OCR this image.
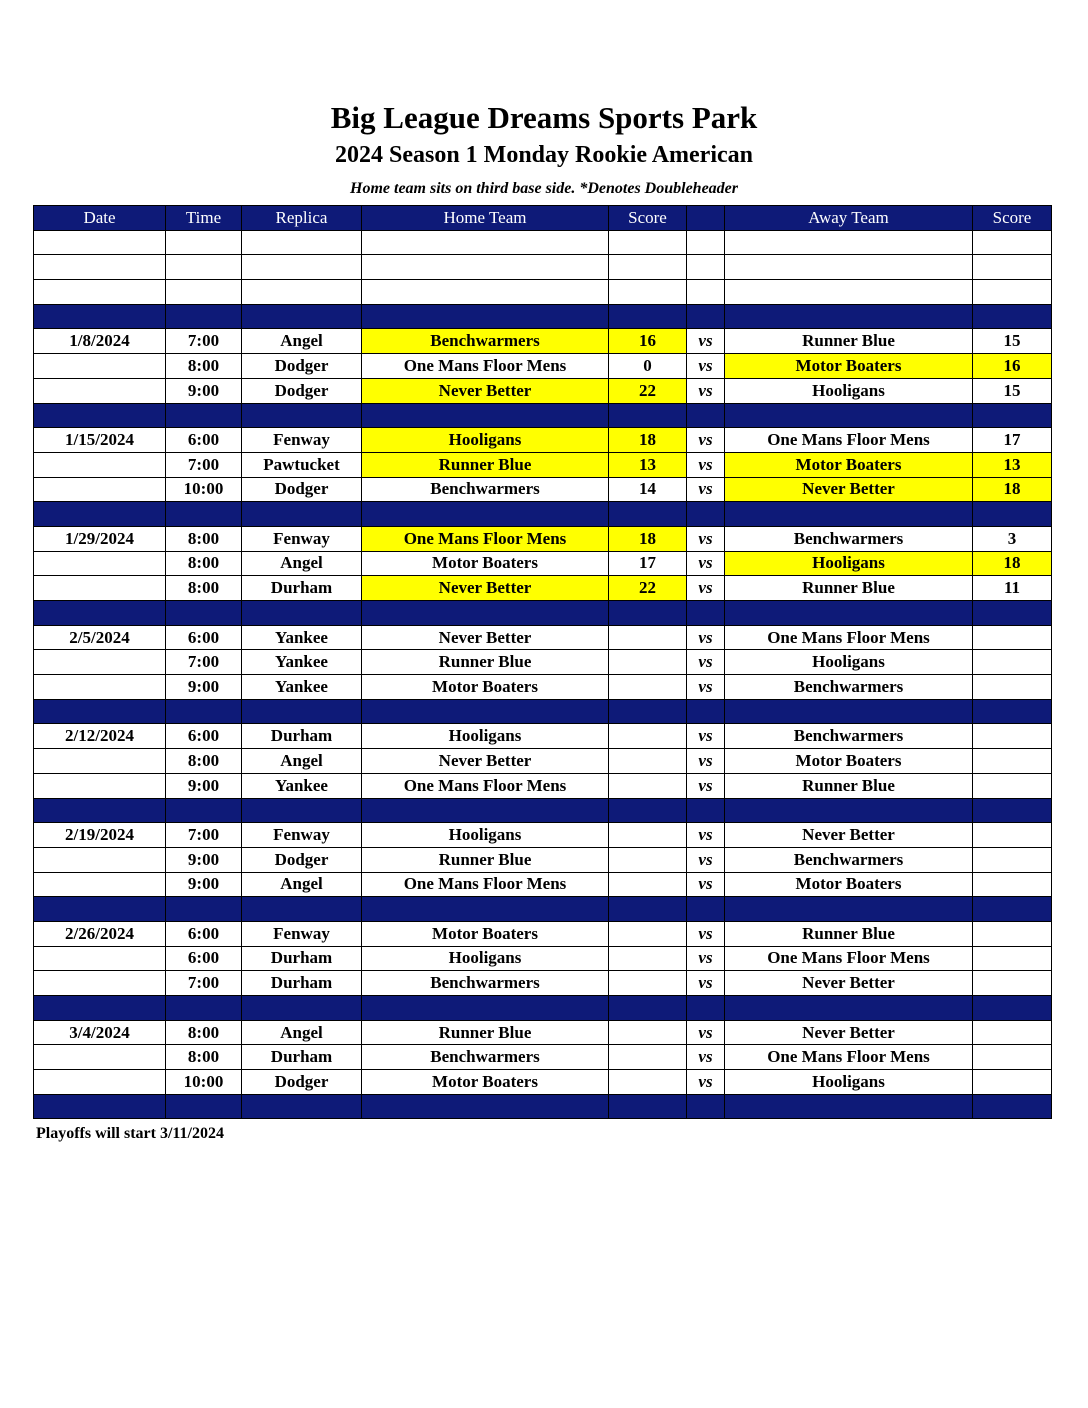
Big League Dreams Sports Park
2024 Season 1 Monday Rookie American
Home team sits on third base side. *Denotes Doubleheader
Date	Time	Replica	Home Team	Score		Away Team	Score

1/8/2024	7:00	Angel	Benchwarmers	16	vs	Runner Blue	15
	8:00	Dodger	One Mans Floor Mens	0	vs	Motor Boaters	16
	9:00	Dodger	Never Better	22	vs	Hooligans	15

1/15/2024	6:00	Fenway	Hooligans	18	vs	One Mans Floor Mens	17
	7:00	Pawtucket	Runner Blue	13	vs	Motor Boaters	13
	10:00	Dodger	Benchwarmers	14	vs	Never Better	18

1/29/2024	8:00	Fenway	One Mans Floor Mens	18	vs	Benchwarmers	3
	8:00	Angel	Motor Boaters	17	vs	Hooligans	18
	8:00	Durham	Never Better	22	vs	Runner Blue	11

2/5/2024	6:00	Yankee	Never Better		vs	One Mans Floor Mens	
	7:00	Yankee	Runner Blue		vs	Hooligans	
	9:00	Yankee	Motor Boaters		vs	Benchwarmers	

2/12/2024	6:00	Durham	Hooligans		vs	Benchwarmers	
	8:00	Angel	Never Better		vs	Motor Boaters	
	9:00	Yankee	One Mans Floor Mens		vs	Runner Blue	

2/19/2024	7:00	Fenway	Hooligans		vs	Never Better	
	9:00	Dodger	Runner Blue		vs	Benchwarmers	
	9:00	Angel	One Mans Floor Mens		vs	Motor Boaters	

2/26/2024	6:00	Fenway	Motor Boaters		vs	Runner Blue	
	6:00	Durham	Hooligans		vs	One Mans Floor Mens	
	7:00	Durham	Benchwarmers		vs	Never Better	

3/4/2024	8:00	Angel	Runner Blue		vs	Never Better	
	8:00	Durham	Benchwarmers		vs	One Mans Floor Mens	
	10:00	Dodger	Motor Boaters		vs	Hooligans	

Playoffs will start 3/11/2024
